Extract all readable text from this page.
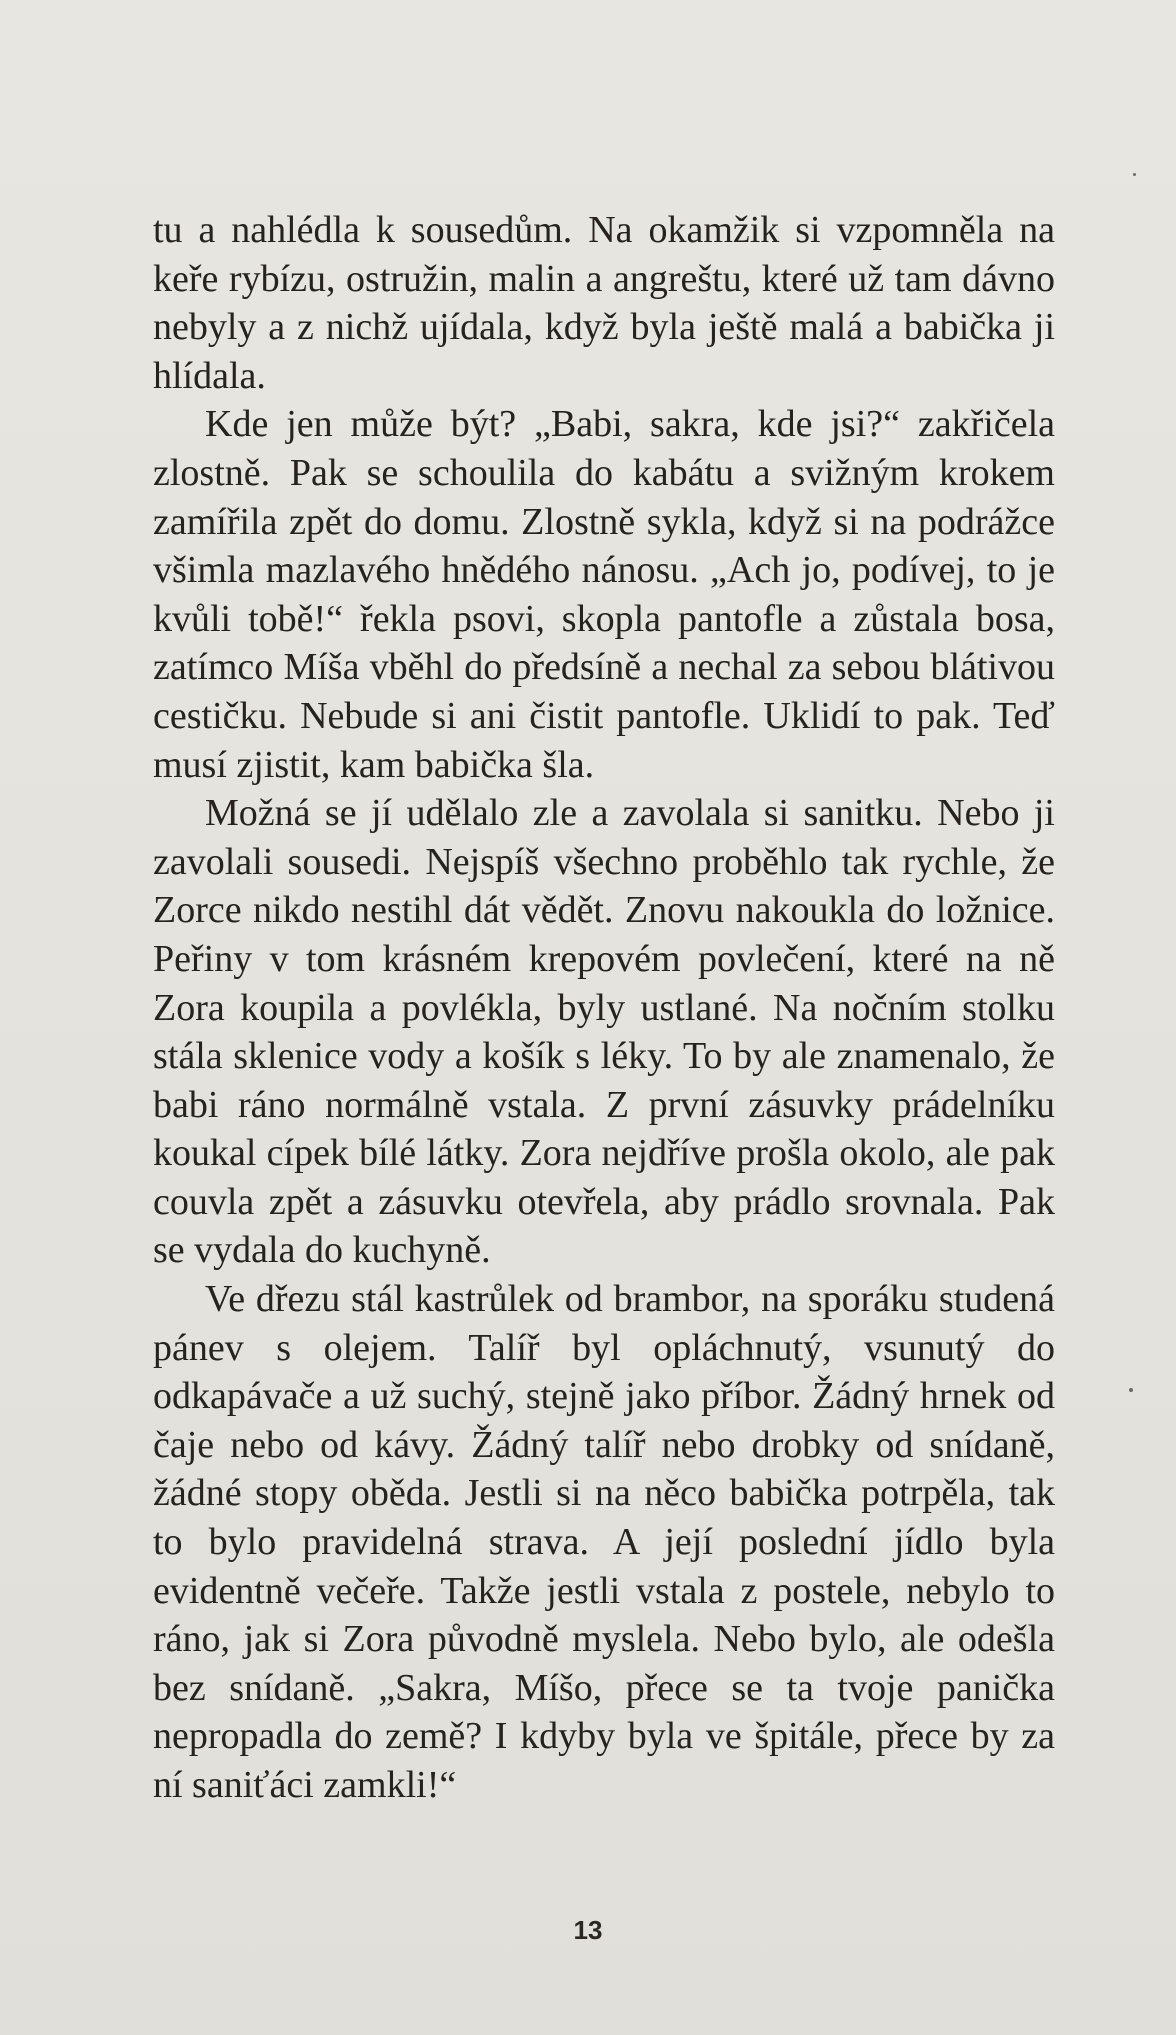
tu a nahlédla k sousedům. Na okamžik si vzpomněla na keře rybízu, ostružin, malin a angreštu, které už tam dávno nebyly a z nichž ujídala, když byla ještě malá a babička ji hlídala.

Kde jen může být? „Babi, sakra, kde jsi?“ zakřičela zlostně. Pak se schoulila do kabátu a svižným krokem zamířila zpět do domu. Zlostně sykla, když si na podrážce všimla mazlavého hnědého nánosu. „Ach jo, podívej, to je kvůli tobě!“ řekla psovi, skopla pantofle a zůstala bosa, zatímco Míša vběhl do předsíně a nechal za sebou blátivou cestičku. Nebude si ani čistit pantofle. Uklidí to pak. Teď musí zjistit, kam babička šla.

Možná se jí udělalo zle a zavolala si sanitku. Nebo ji zavolali sousedi. Nejspíš všechno proběhlo tak rychle, že Zorce nikdo nestihl dát vědět. Znovu nakoukla do ložnice. Peřiny v tom krásném krepovém povlečení, které na ně Zora koupila a povlékla, byly ustlané. Na nočním stolku stála sklenice vody a košík s léky. To by ale znamenalo, že babi ráno normálně vstala. Z první zásuvky prádelníku koukal cípek bílé látky. Zora nejdříve prošla okolo, ale pak couvla zpět a zásuvku otevřela, aby prádlo srovnala. Pak se vydala do kuchyně.

Ve dřezu stál kastrůlek od brambor, na sporáku studená pánev s olejem. Talíř byl opláchnutý, vsunutý do odkapávače a už suchý, stejně jako příbor. Žádný hrnek od čaje nebo od kávy. Žádný talíř nebo drobky od snídaně, žádné stopy oběda. Jestli si na něco babička potrpěla, tak to bylo pravidelná strava. A její poslední jídlo byla evidentně večeře. Takže jestli vstala z postele, nebylo to ráno, jak si Zora původně myslela. Nebo bylo, ale odešla bez snídaně. „Sakra, Míšo, přece se ta tvoje panička nepropadla do země? I kdyby byla ve špitále, přece by za ní saniťáci zamkli!“

13
